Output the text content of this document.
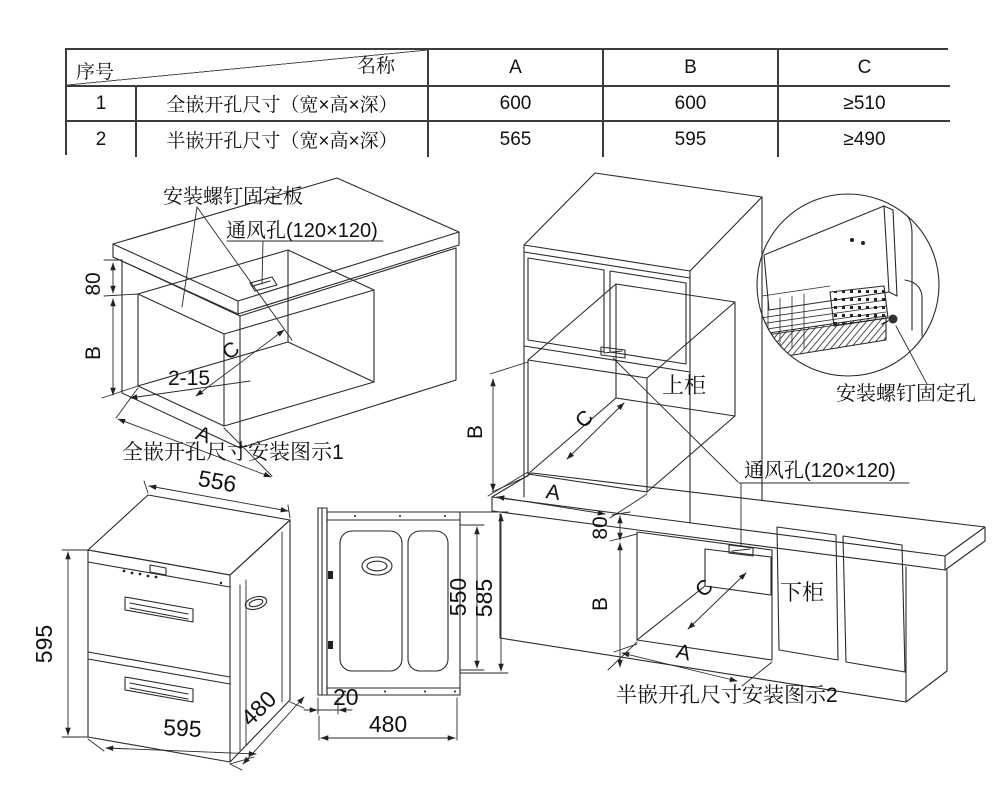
序号	名称	A	B	C
1	全嵌开孔尺寸（宽×高×深）	600	600	≥510
2	半嵌开孔尺寸（宽×高×深）	565	595	≥490
安装螺钉固定板
通风孔(120×120)
80
B	C
2-15
A
全嵌开孔尺寸安装图示1
上柜
下柜
通风孔(120×120)
B	C
A
80
B
C
A
半嵌开孔尺寸安装图示2
安装螺钉固定孔
556
595
595 480 20
480
550 585
